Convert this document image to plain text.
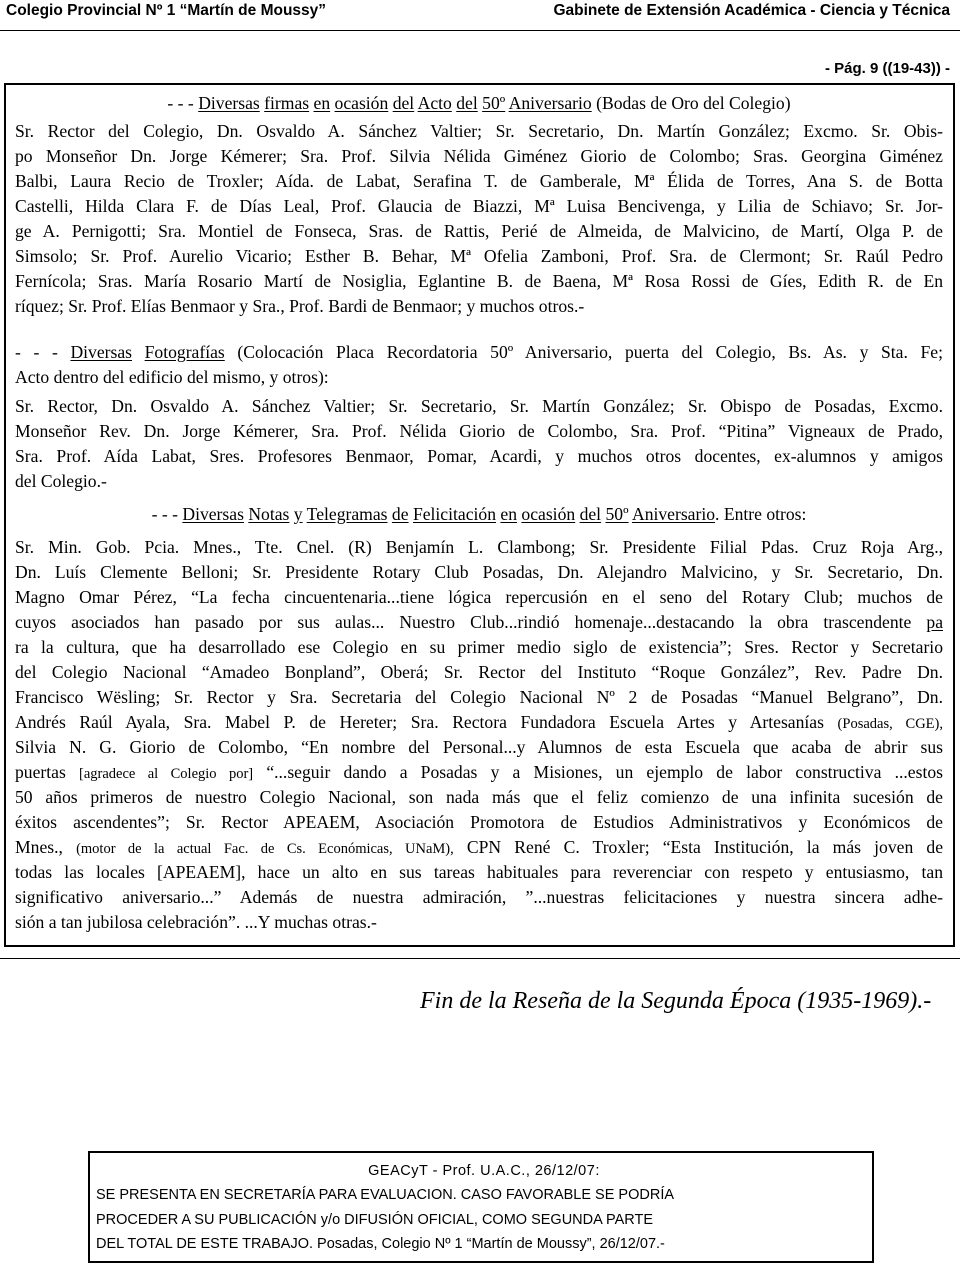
Colegio Provincial Nº 1 “Martín de Moussy”	Gabinete de Extensión Académica - Ciencia y Técnica
- Pág. 9 ((19-43)) -
- - - Diversas firmas en ocasión del Acto del 50º Aniversario (Bodas de Oro del Colegio)
Sr. Rector del Colegio, Dn. Osvaldo A. Sánchez Valtier; Sr. Secretario, Dn. Martín González; Excmo. Sr. Obis-
po Monseñor Dn. Jorge Kémerer; Sra. Prof. Silvia Nélida Giménez Giorio de Colombo; Sras. Georgina Giménez
Balbi, Laura Recio de Troxler; Aída. de Labat, Serafina T. de Gamberale, Mª Élida de Torres, Ana S. de Botta
Castelli, Hilda Clara F. de Días Leal, Prof. Glaucia de Biazzi, Mª Luisa Bencivenga, y Lilia de Schiavo; Sr. Jor-
ge A. Pernigotti; Sra. Montiel de Fonseca, Sras. de Rattis, Perié de Almeida, de Malvicino, de Martí, Olga P. de
Simsolo; Sr. Prof. Aurelio Vicario; Esther B. Behar, Mª Ofelia Zamboni, Prof. Sra. de Clermont; Sr. Raúl Pedro
Fernícola; Sras. María Rosario Martí de Nosiglia, Eglantine B. de Baena, Mª Rosa Rossi de Gíes, Edith R. de En
ríquez; Sr. Prof. Elías Benmaor y Sra., Prof. Bardi de Benmaor; y muchos otros.-
- - - Diversas Fotografías (Colocación Placa Recordatoria 50º Aniversario, puerta del Colegio, Bs. As. y Sta. Fe;
Acto dentro del edificio del mismo, y otros):
Sr. Rector, Dn. Osvaldo A. Sánchez Valtier; Sr. Secretario, Sr. Martín González; Sr. Obispo de Posadas, Excmo.
Monseñor Rev. Dn. Jorge Kémerer, Sra. Prof. Nélida Giorio de Colombo, Sra. Prof. “Pitina” Vigneaux de Prado,
Sra. Prof. Aída Labat, Sres. Profesores Benmaor, Pomar, Acardi, y muchos otros docentes, ex-alumnos y amigos
del Colegio.-
- - - Diversas Notas y Telegramas de Felicitación en ocasión del 50º Aniversario. Entre otros:
Sr. Min. Gob. Pcia. Mnes., Tte. Cnel. (R) Benjamín L. Clambong; Sr. Presidente Filial Pdas. Cruz Roja Arg.,
Dn. Luís Clemente Belloni; Sr. Presidente Rotary Club Posadas, Dn. Alejandro Malvicino, y Sr. Secretario, Dn.
Magno Omar Pérez, “La fecha cincuentenaria...tiene lógica repercusión en el seno del Rotary Club; muchos de
cuyos asociados han pasado por sus aulas... Nuestro Club...rindió homenaje...destacando la obra trascendente pa
ra la cultura, que ha desarrollado ese Colegio en su primer medio siglo de existencia”; Sres. Rector y Secretario
del Colegio Nacional “Amadeo Bonpland”, Oberá; Sr. Rector del Instituto “Roque González”, Rev. Padre Dn.
Francisco Wësling; Sr. Rector y Sra. Secretaria del Colegio Nacional Nº 2 de Posadas “Manuel Belgrano”, Dn.
Andrés Raúl Ayala, Sra. Mabel P. de Hereter; Sra. Rectora Fundadora Escuela Artes y Artesanías (Posadas, CGE),
Silvia N. G. Giorio de Colombo, “En nombre del Personal...y Alumnos de esta Escuela que acaba de abrir sus
puertas [agradece al Colegio por] “...seguir dando a Posadas y a Misiones, un ejemplo de labor constructiva ...estos
50 años primeros de nuestro Colegio Nacional, son nada más que el feliz comienzo de una infinita sucesión de
éxitos ascendentes”; Sr. Rector APEAEM, Asociación Promotora de Estudios Administrativos y Económicos de
Mnes., (motor de la actual Fac. de Cs. Económicas, UNaM), CPN René C. Troxler; “Esta Institución, la más joven de
todas las locales [APEAEM], hace un alto en sus tareas habituales para reverenciar con respeto y entusiasmo, tan
significativo aniversario...” Además de nuestra admiración, ”...nuestras felicitaciones y nuestra sincera adhe-
sión a tan jubilosa celebración”. ...Y muchas otras.-
Fin de la Reseña de la Segunda Época (1935-1969).-
GEACyT - Prof. U.A.C., 26/12/07:
SE PRESENTA EN SECRETARÍA PARA EVALUACION. CASO FAVORABLE SE PODRÍA
PROCEDER A SU PUBLICACIÓN y/o DIFUSIÓN OFICIAL, COMO SEGUNDA PARTE
DEL TOTAL DE ESTE TRABAJO. Posadas, Colegio Nº 1 “Martín de Moussy”, 26/12/07.-
